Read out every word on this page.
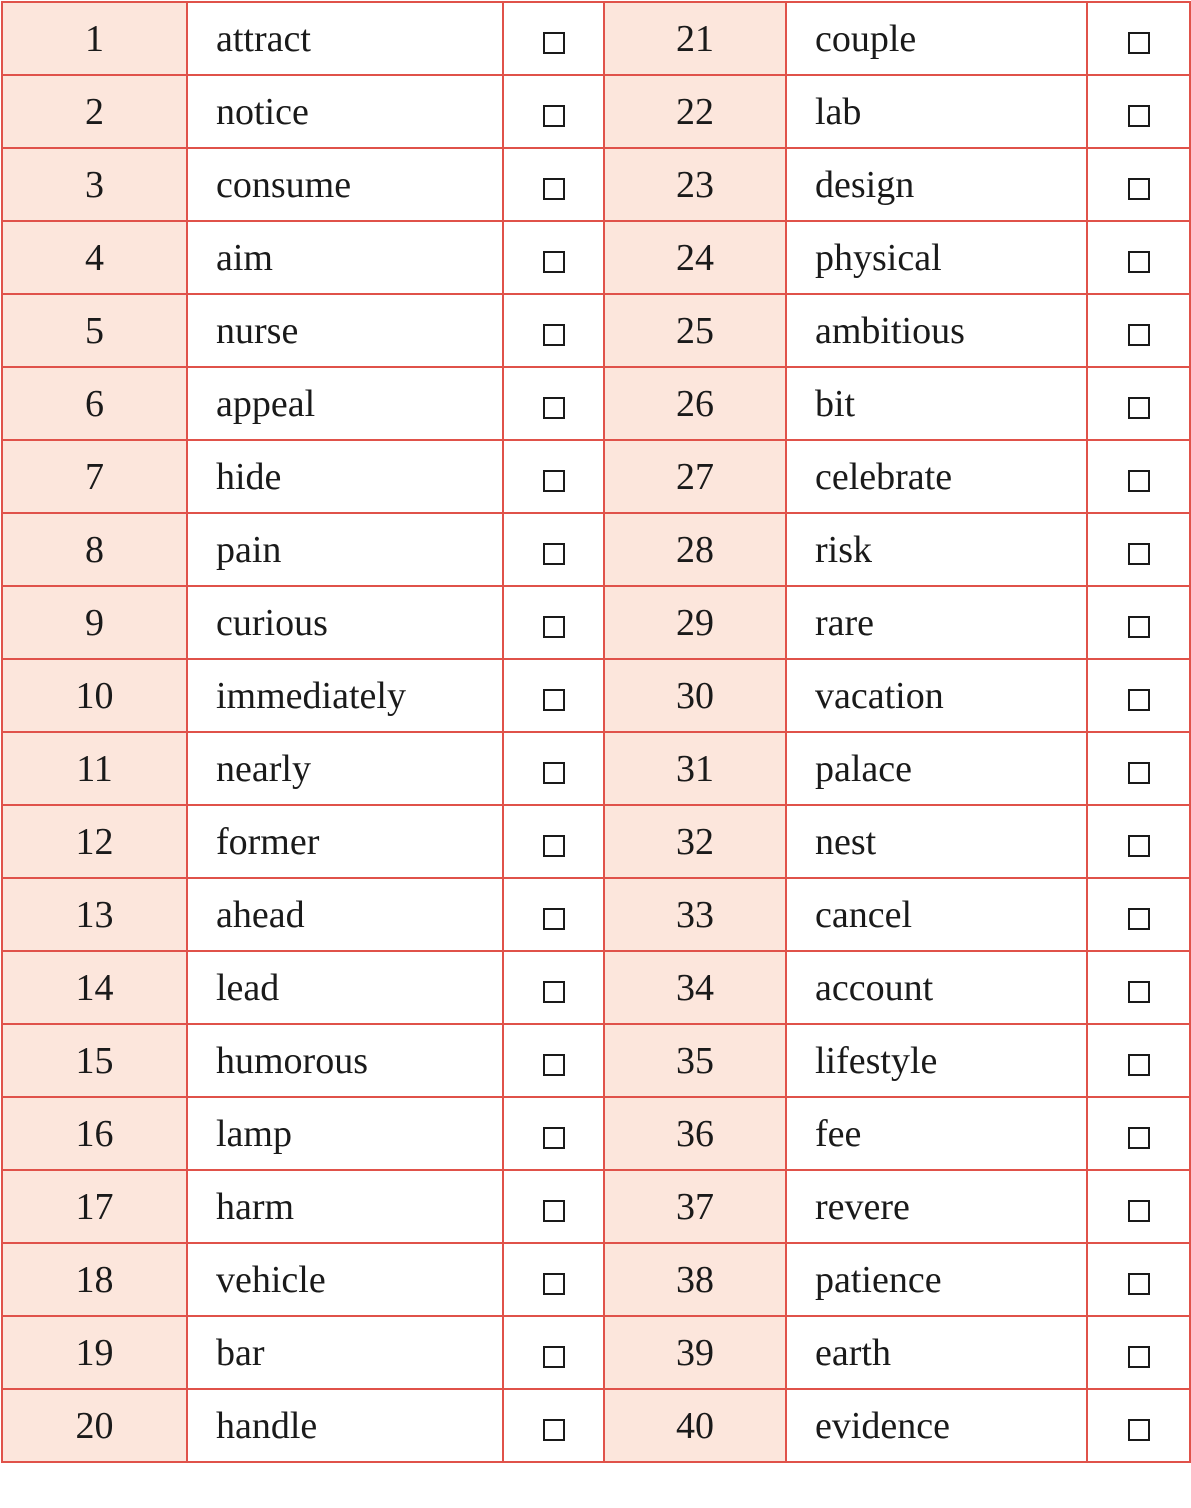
1	attract		21	couple	
2	notice		22	lab	
3	consume		23	design	
4	aim		24	physical	
5	nurse		25	ambitious	
6	appeal		26	bit	
7	hide		27	celebrate	
8	pain		28	risk	
9	curious		29	rare	
10	immediately		30	vacation	
11	nearly		31	palace	
12	former		32	nest	
13	ahead		33	cancel	
14	lead		34	account	
15	humorous		35	lifestyle	
16	lamp		36	fee	
17	harm		37	revere	
18	vehicle		38	patience	
19	bar		39	earth	
20	handle		40	evidence	
